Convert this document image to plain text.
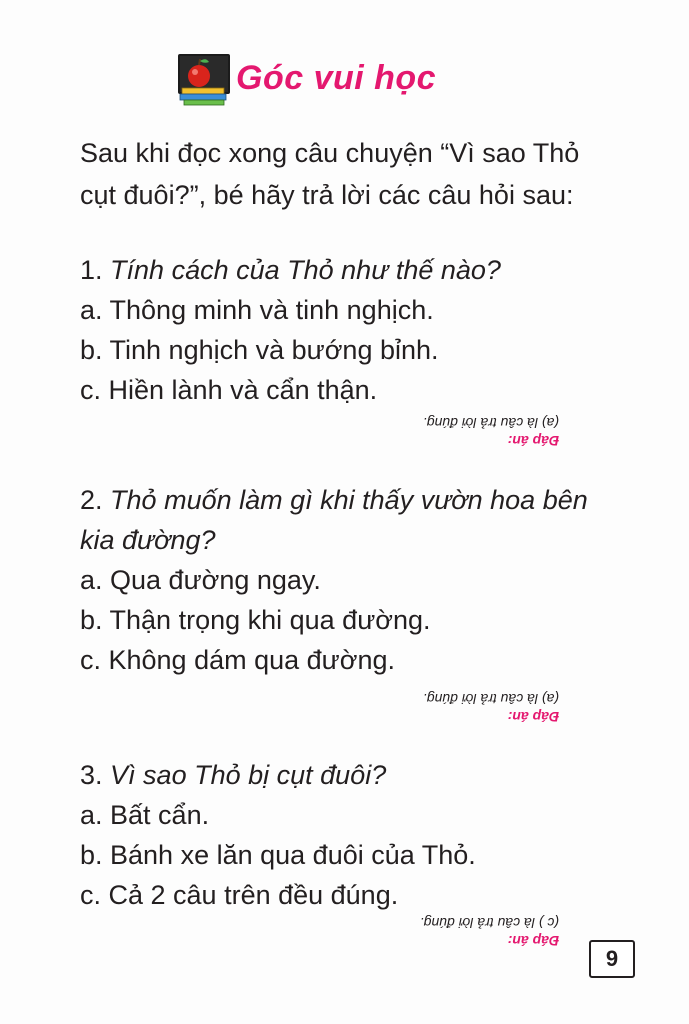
Góc vui học
Sau khi đọc xong câu chuyện “Vì sao Thỏ
cụt đuôi?”, bé hãy trả lời các câu hỏi sau:
1. Tính cách của Thỏ như thế nào?
a. Thông minh và tinh nghịch.
b. Tinh nghịch và bướng bỉnh.
c. Hiền lành và cẩn thận.
Đáp án:
(a) là câu trả lời đúng.
2. Thỏ muốn làm gì khi thấy vườn hoa bên
kia đường?
a. Qua đường ngay.
b. Thận trọng khi qua đường.
c. Không dám qua đường.
Đáp án:
(a) là câu trả lời đúng.
3. Vì sao Thỏ bị cụt đuôi?
a. Bất cẩn.
b. Bánh xe lăn qua đuôi của Thỏ.
c. Cả 2 câu trên đều đúng.
Đáp án:
(c ) là câu trả lời đúng.
9
